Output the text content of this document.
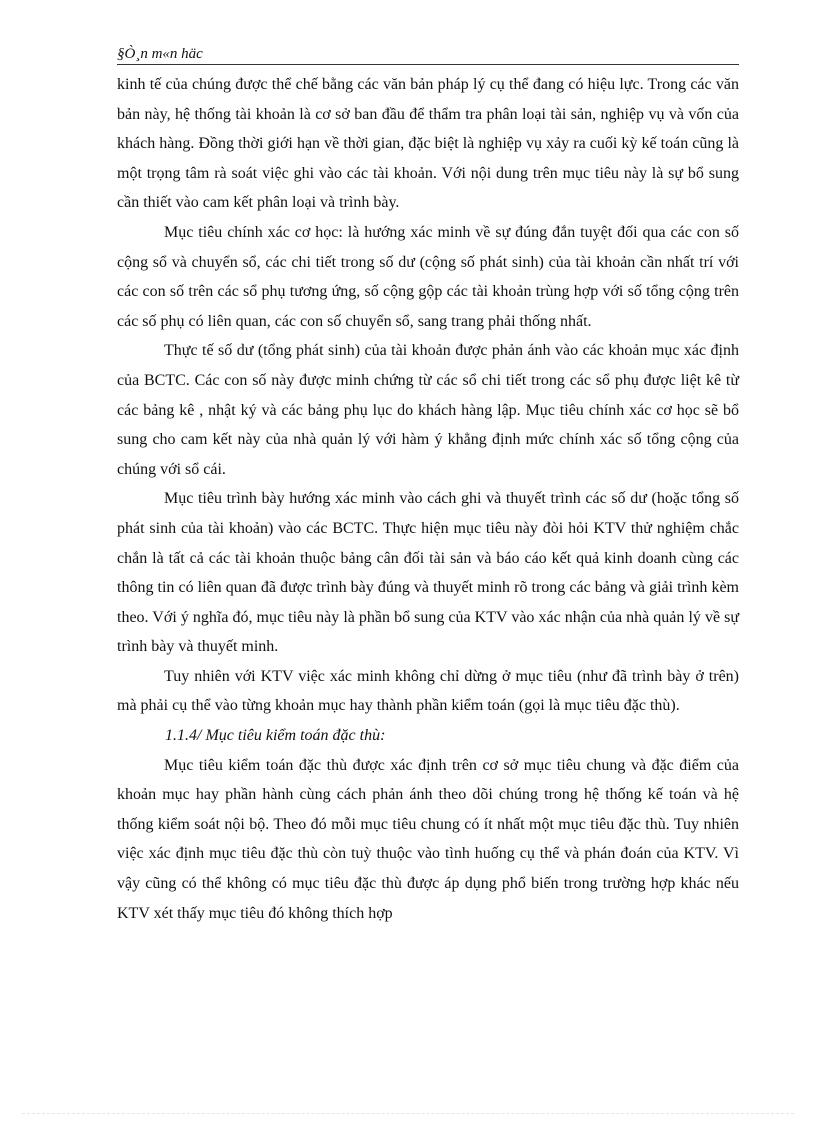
§Ò¸n m«n häc

kinh tế của chúng được thể chế bằng các văn bản pháp lý cụ thể đang có hiệu lực. Trong các văn bản này, hệ thống tài khoản là cơ sở ban đầu để thẩm tra phân loại tài sản, nghiệp vụ và vốn của khách hàng. Đồng thời giới hạn về thời gian, đặc biệt là nghiệp vụ xảy ra cuối kỳ kế toán cũng là một trọng tâm rà soát việc ghi vào các tài khoản. Với nội dung trên mục tiêu này là sự bổ sung cần thiết vào cam kết phân loại và trình bày.

Mục tiêu chính xác cơ học: là hướng xác minh về sự đúng đắn tuyệt đối qua các con số cộng sổ và chuyển sổ, các chi tiết trong số dư (cộng số phát sinh) của tài khoản cần nhất trí với các con số trên các sổ phụ tương ứng, số cộng gộp các tài khoản trùng hợp với số tổng cộng trên các số phụ có liên quan, các con số chuyển sổ, sang trang phải thống nhất.

Thực tế số dư (tổng phát sinh) của tài khoản được phản ánh vào các khoản mục xác định của BCTC. Các con số này được minh chứng từ các sổ chi tiết trong các sổ phụ được liệt kê từ các bảng kê , nhật ký và các bảng phụ lục do khách hàng lập. Mục tiêu chính xác cơ học sẽ bổ sung cho cam kết này của nhà quản lý với hàm ý khẳng định mức chính xác số tổng cộng của chúng với sổ cái.

Mục tiêu trình bày hướng xác minh vào cách ghi và thuyết trình các số dư (hoặc tổng số phát sinh của tài khoản) vào các BCTC. Thực hiện mục tiêu này đòi hỏi KTV thử nghiệm chắc chắn là tất cả các tài khoản thuộc bảng cân đối tài sản và báo cáo kết quả kinh doanh cùng các thông tin có liên quan đã được trình bày đúng và thuyết minh rõ trong các bảng và giải trình kèm theo. Với ý nghĩa đó, mục tiêu này là phần bổ sung của KTV vào xác nhận của nhà quản lý về sự trình bày và thuyết minh.

Tuy nhiên với KTV việc xác minh không chỉ dừng ở mục tiêu (như đã trình bày ở trên) mà phải cụ thể vào từng khoản mục hay thành phần kiểm toán (gọi là mục tiêu đặc thù).

1.1.4/ Mục tiêu kiểm toán đặc thù:

Mục tiêu kiểm toán đặc thù được xác định trên cơ sở mục tiêu chung và đặc điểm của khoản mục hay phần hành cùng cách phản ánh theo dõi chúng trong hệ thống kế toán và hệ thống kiểm soát nội bộ. Theo đó mỗi mục tiêu chung có ít nhất một mục tiêu đặc thù. Tuy nhiên việc xác định mục tiêu đặc thù còn tuỳ thuộc vào tình huống cụ thể và phán đoán của KTV. Vì vậy cũng có thể không có mục tiêu đặc thù được áp dụng phổ biến trong trường hợp khác nếu KTV xét thấy mục tiêu đó không thích hợp
